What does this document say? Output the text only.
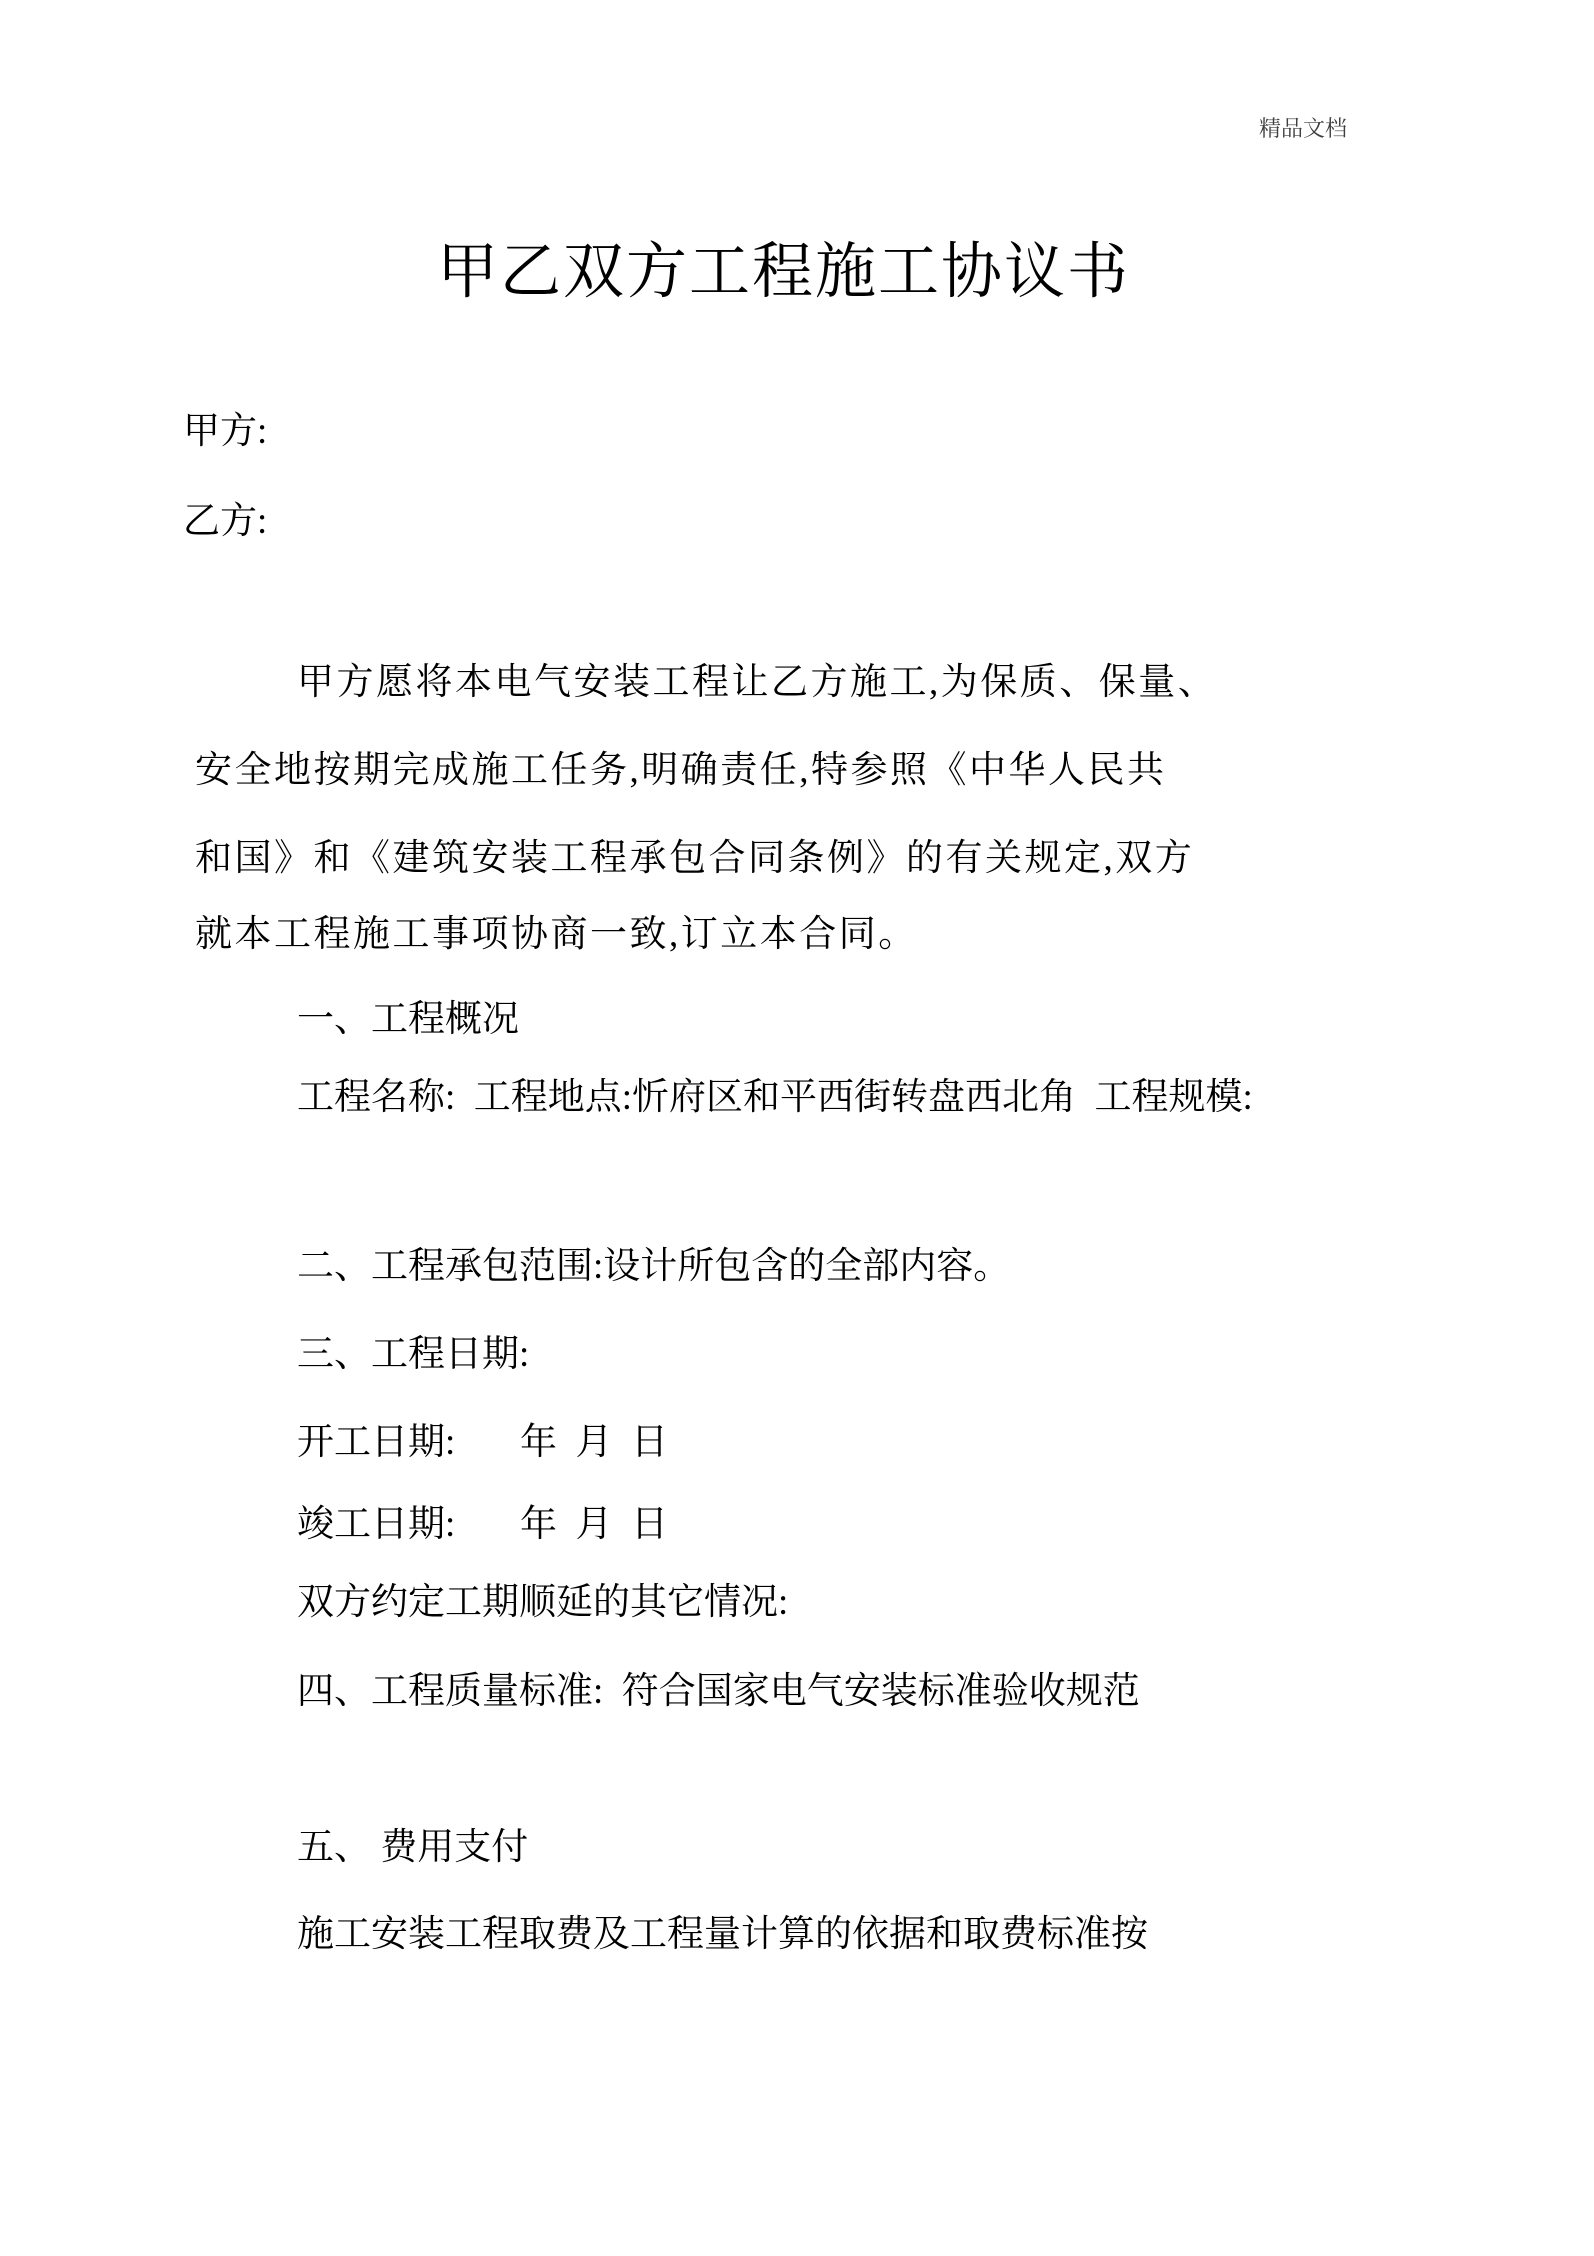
精品文档
甲乙双方工程施工协议书
甲方:
乙方:
甲方愿将本电气安装工程让乙方施工,为保质、保量、
安全地按期完成施工任务,明确责任,特参照《中华人民共
和国》和《建筑安装工程承包合同条例》的有关规定,双方
就本工程施工事项协商一致,订立本合同。
一、工程概况
工程名称:  工程地点:忻府区和平西街转盘西北角  工程规模:
二、工程承包范围:设计所包含的全部内容。
三、工程日期:
开工日期:       年  月  日
竣工日期:       年  月  日
双方约定工期顺延的其它情况:
四、工程质量标准:  符合国家电气安装标准验收规范
五、 费用支付
施工安装工程取费及工程量计算的依据和取费标准按
